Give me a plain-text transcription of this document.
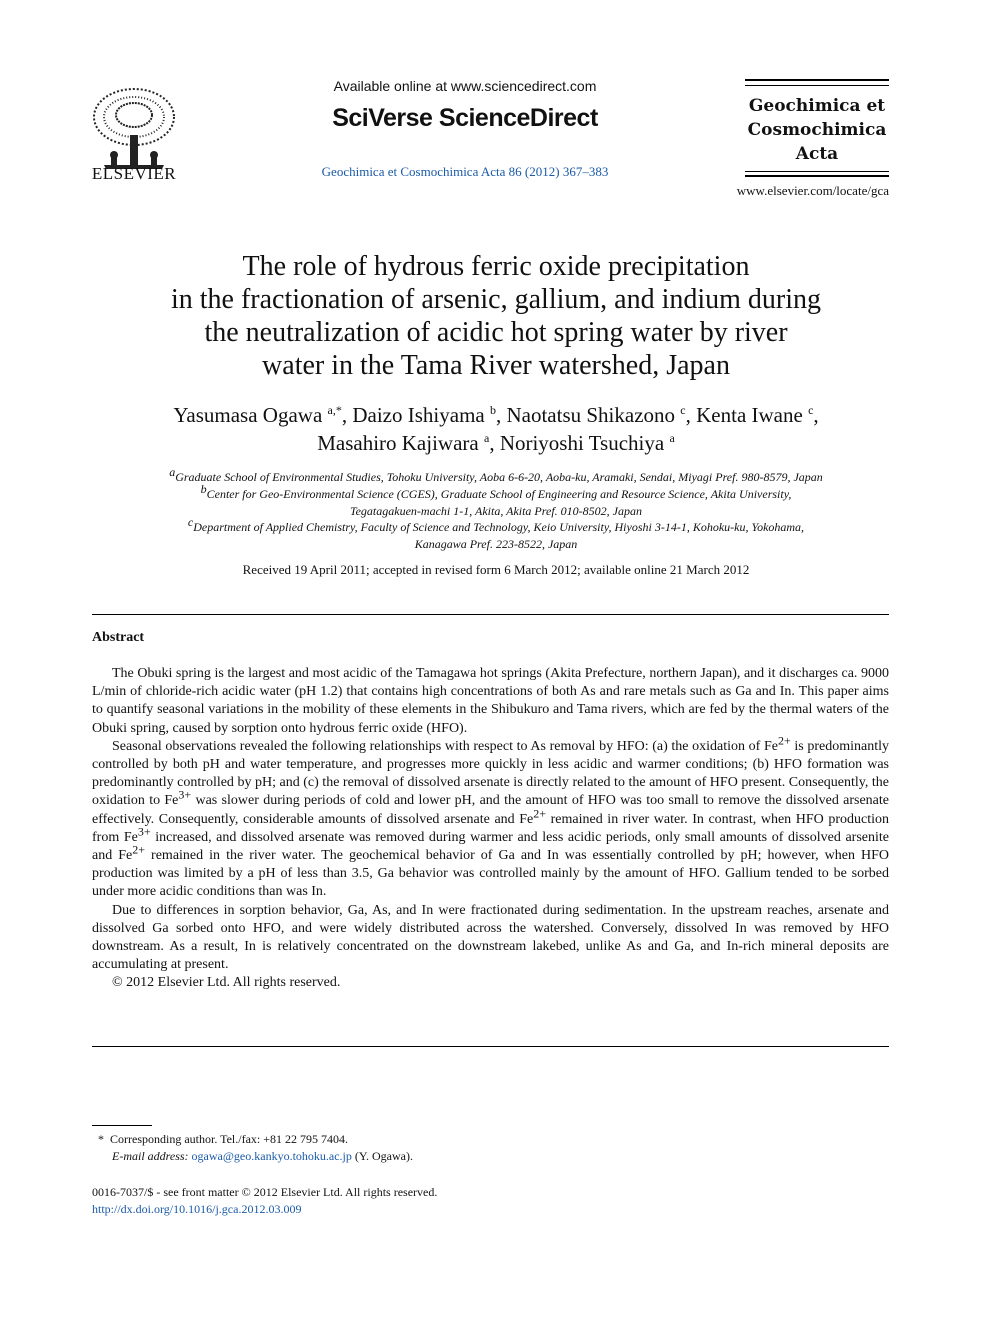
ELSEVIER
Available online at www.sciencedirect.com
SciVerse ScienceDirect
Geochimica et Cosmochimica Acta 86 (2012) 367–383
Geochimica et
Cosmochimica
Acta
www.elsevier.com/locate/gca
The role of hydrous ferric oxide precipitation
in the fractionation of arsenic, gallium, and indium during
the neutralization of acidic hot spring water by river
water in the Tama River watershed, Japan
Yasumasa Ogawa $^{a,*}$, Daizo Ishiyama $^b$, Naotatsu Shikazono $^c$, Kenta Iwane $^c$,
Masahiro Kajiwara $^a$, Noriyoshi Tsuchiya $^a$
$^a$Graduate School of Environmental Studies, Tohoku University, Aoba 6-6-20, Aoba-ku, Aramaki, Sendai, Miyagi Pref. 980-8579, Japan
$^b$Center for Geo-Environmental Science (CGES), Graduate School of Engineering and Resource Science, Akita University,
Tegatagakuen-machi 1-1, Akita, Akita Pref. 010-8502, Japan
$^c$Department of Applied Chemistry, Faculty of Science and Technology, Keio University, Hiyoshi 3-14-1, Kohoku-ku, Yokohama,
Kanagawa Pref. 223-8522, Japan
Received 19 April 2011; accepted in revised form 6 March 2012; available online 21 March 2012
Abstract

The Obuki spring is the largest and most acidic of the Tamagawa hot springs (Akita Prefecture, northern Japan), and it discharges ca. 9000 L/min of chloride-rich acidic water (pH 1.2) that contains high concentrations of both As and rare metals such as Ga and In. This paper aims to quantify seasonal variations in the mobility of these elements in the Shibukuro and Tama rivers, which are fed by the thermal waters of the Obuki spring, caused by sorption onto hydrous ferric oxide (HFO).

Seasonal observations revealed the following relationships with respect to As removal by HFO: (a) the oxidation of $Fe^{2+}$ is predominantly controlled by both pH and water temperature, and progresses more quickly in less acidic and warmer conditions; (b) HFO formation was predominantly controlled by pH; and (c) the removal of dissolved arsenate is directly related to the amount of HFO present. Consequently, the oxidation to $Fe^{3+}$ was slower during periods of cold and lower pH, and the amount of HFO was too small to remove the dissolved arsenate effectively. Consequently, considerable amounts of dissolved arsenate and $Fe^{2+}$ remained in river water. In contrast, when HFO production from $Fe^{3+}$ increased, and dissolved arsenate was removed during warmer and less acidic periods, only small amounts of dissolved arsenite and $Fe^{2+}$ remained in the river water. The geochemical behavior of Ga and In was essentially controlled by pH; however, when HFO production was limited by a pH of less than 3.5, Ga behavior was controlled mainly by the amount of HFO. Gallium tended to be sorbed under more acidic conditions than was In.

Due to differences in sorption behavior, Ga, As, and In were fractionated during sedimentation. In the upstream reaches, arsenate and dissolved Ga sorbed onto HFO, and were widely distributed across the watershed. Conversely, dissolved In was removed by HFO downstream. As a result, In is relatively concentrated on the downstream lakebed, unlike As and Ga, and In-rich mineral deposits are accumulating at present.

© 2012 Elsevier Ltd. All rights reserved.

* Corresponding author. Tel./fax: +81 22 795 7404.
E-mail address: ogawa@geo.kankyo.tohoku.ac.jp (Y. Ogawa).
0016-7037/$ - see front matter © 2012 Elsevier Ltd. All rights reserved.
http://dx.doi.org/10.1016/j.gca.2012.03.009
